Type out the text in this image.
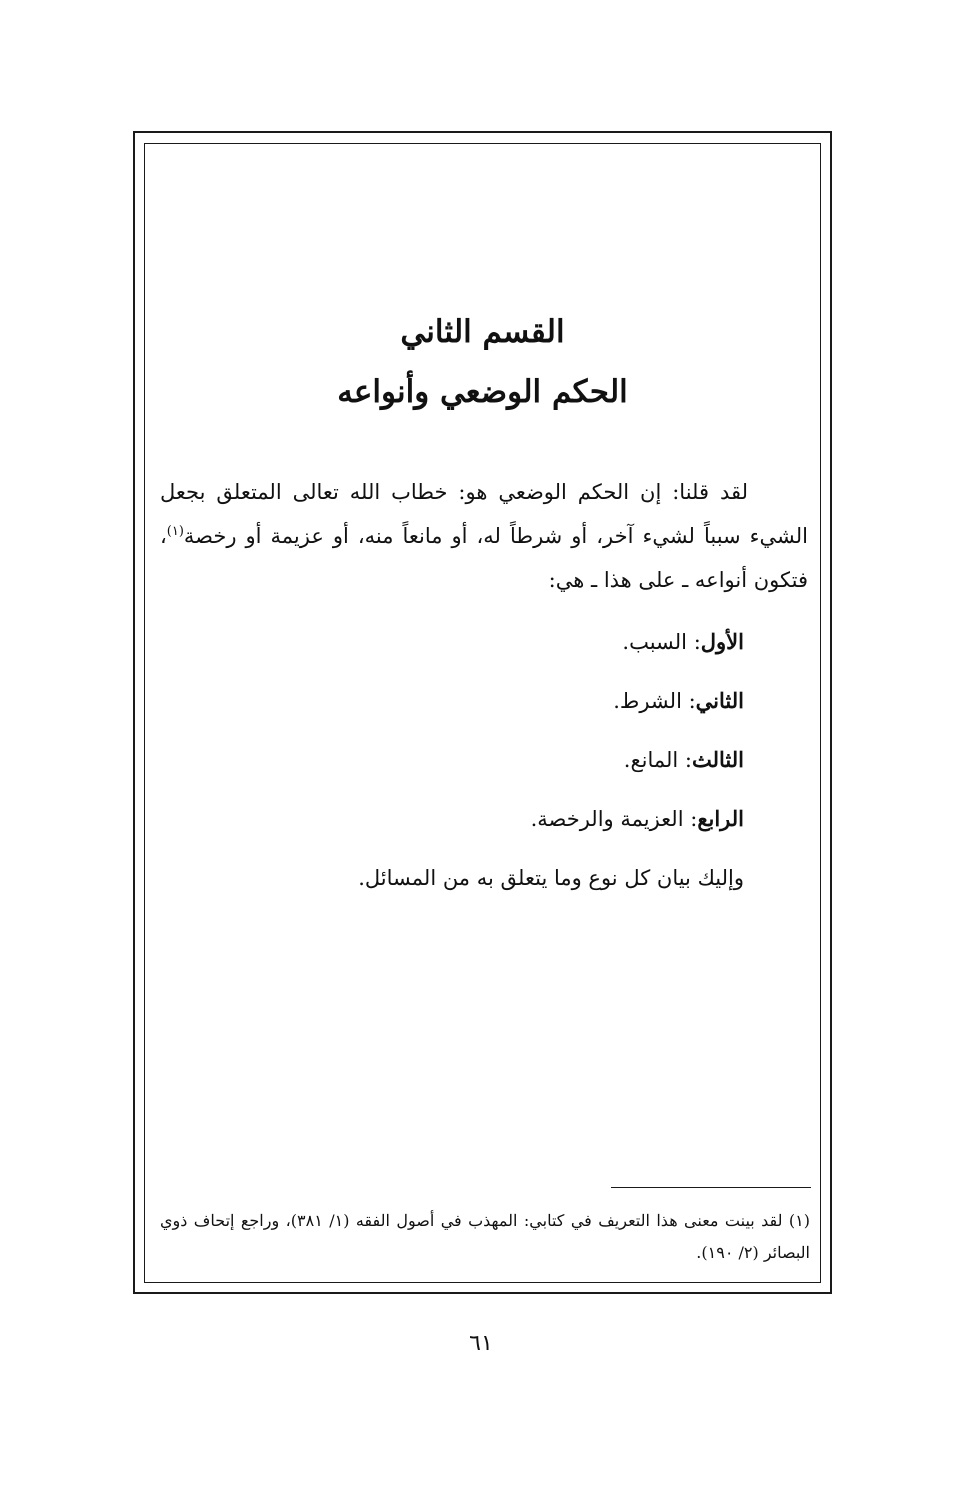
القسم الثاني
الحكم الوضعي وأنواعه
لقد قلنا: إن الحكم الوضعي هو: خطاب الله تعالى المتعلق بجعل الشيء سبباً لشيء آخر، أو شرطاً له، أو مانعاً منه، أو عزيمة أو رخصة$^{(١)}$، فتكون أنواعه ـ على هذا ـ هي:
الأول: السبب.
الثاني: الشرط.
الثالث: المانع.
الرابع: العزيمة والرخصة.
وإليك بيان كل نوع وما يتعلق به من المسائل.
(١) لقد بينت معنى هذا التعريف في كتابي: المهذب في أصول الفقه (١/ ٣٨١)، وراجع إتحاف ذوي البصائر (٢/ ١٩٠).
٦١
